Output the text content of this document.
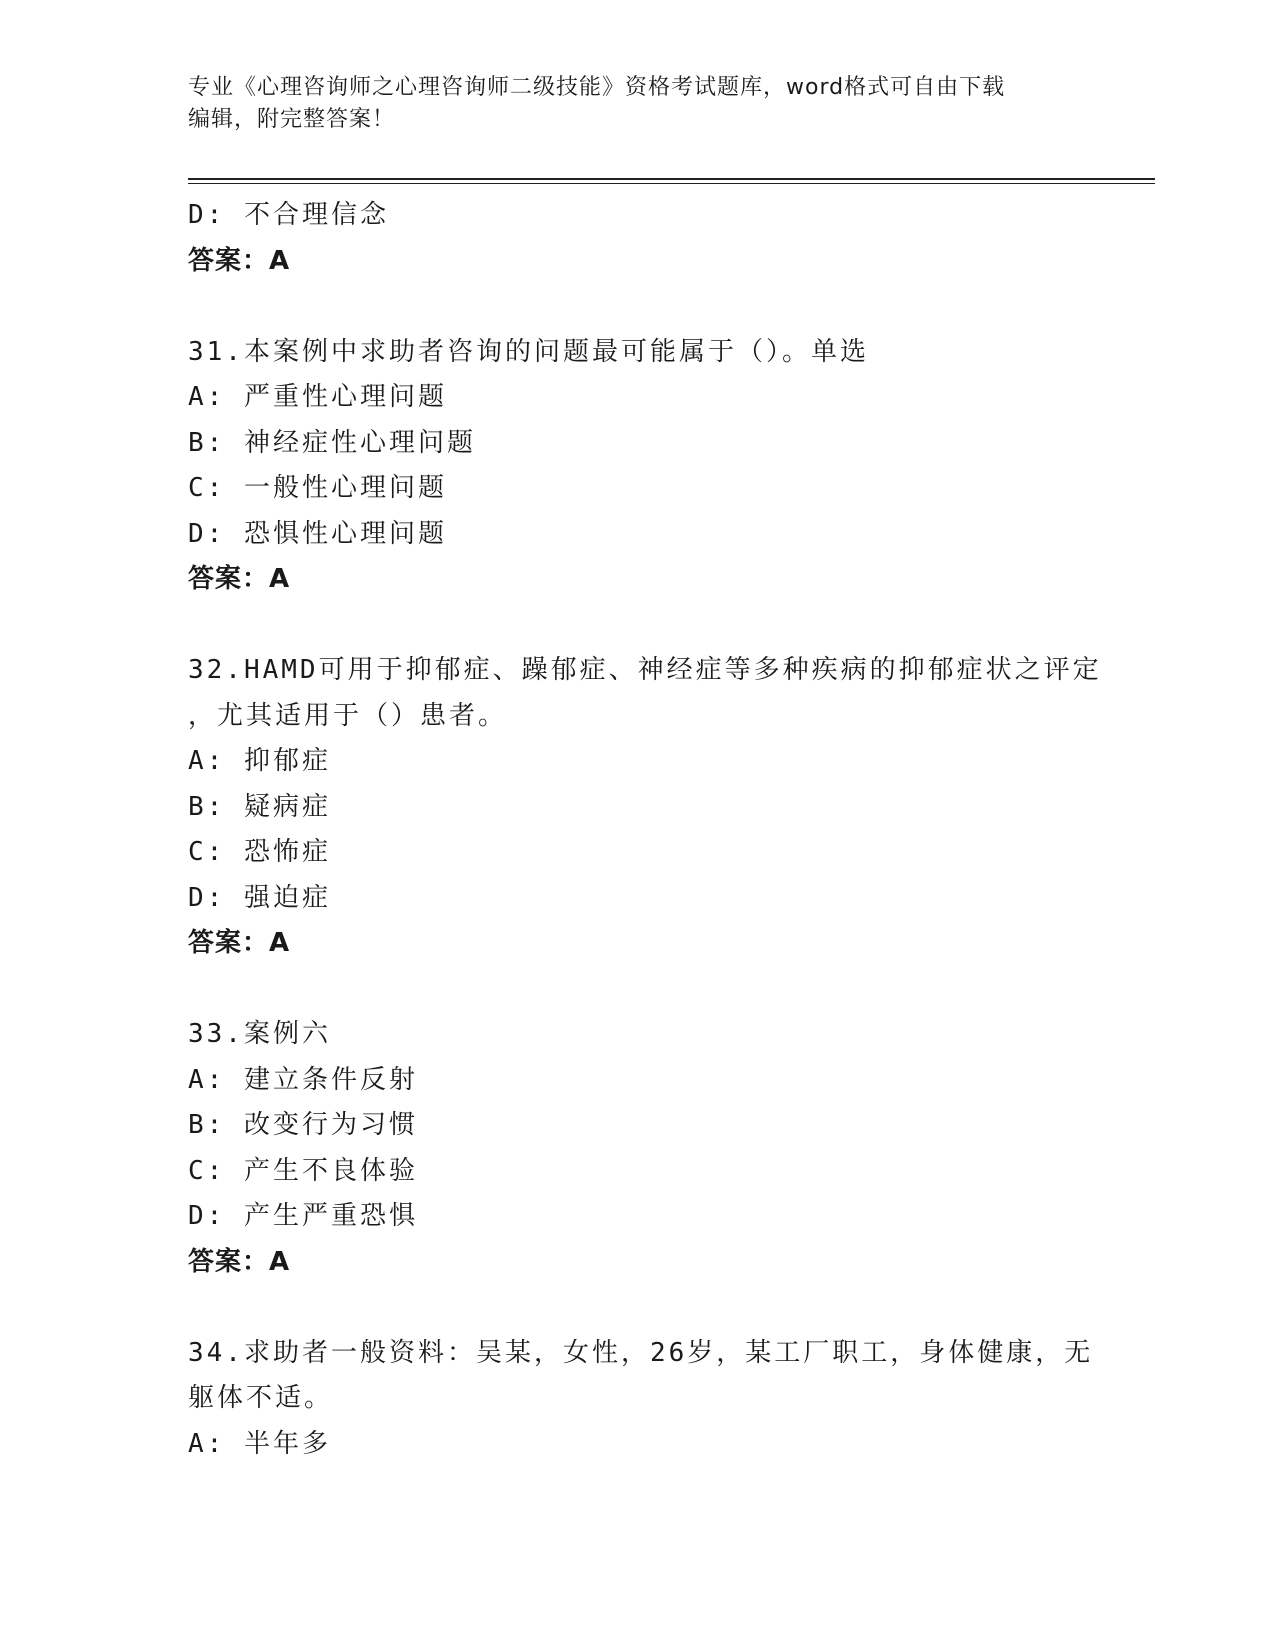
专业《心理咨询师之心理咨询师二级技能》资格考试题库，word格式可自由下载
编辑，附完整答案！
D: 不合理信念
答案：A
31.本案例中求助者咨询的问题最可能属于（）。单选
A: 严重性心理问题
B: 神经症性心理问题
C: 一般性心理问题
D: 恐惧性心理问题
答案：A
32.HAMD可用于抑郁症、躁郁症、神经症等多种疾病的抑郁症状之评定
，尤其适用于（）患者。
A: 抑郁症
B: 疑病症
C: 恐怖症
D: 强迫症
答案：A
33.案例六
A: 建立条件反射
B: 改变行为习惯
C: 产生不良体验
D: 产生严重恐惧
答案：A
34.求助者一般资料：吴某，女性，26岁，某工厂职工，身体健康，无
躯体不适。
A: 半年多
